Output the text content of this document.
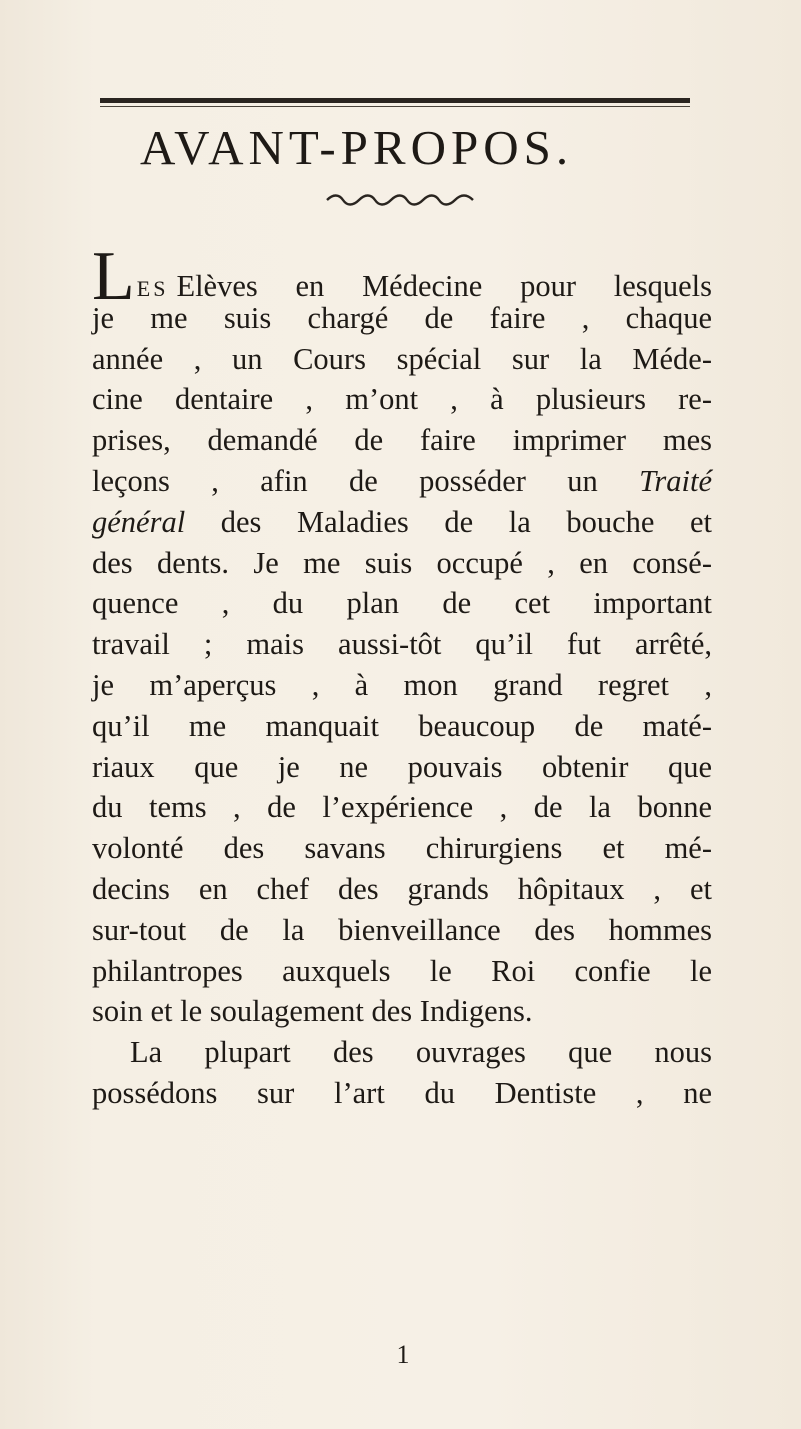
AVANT-PROPOS.
LES Elèves en Médecine pour lesquels
je me suis chargé de faire , chaque
année , un Cours spécial sur la Méde-
cine dentaire , m’ont , à plusieurs re-
prises, demandé de faire imprimer mes
leçons , afin de posséder un Traité
général des Maladies de la bouche et
des dents. Je me suis occupé , en consé-
quence , du plan de cet important
travail ; mais aussi-tôt qu’il fut arrêté,
je m’aperçus , à mon grand regret ,
qu’il me manquait beaucoup de maté-
riaux que je ne pouvais obtenir que
du tems , de l’expérience , de la bonne
volonté des savans chirurgiens et mé-
decins en chef des grands hôpitaux , et
sur-tout de la bienveillance des hommes
philantropes auxquels le Roi confie le
soin et le soulagement des Indigens.
La plupart des ouvrages que nous
possédons sur l’art du Dentiste , ne
1
